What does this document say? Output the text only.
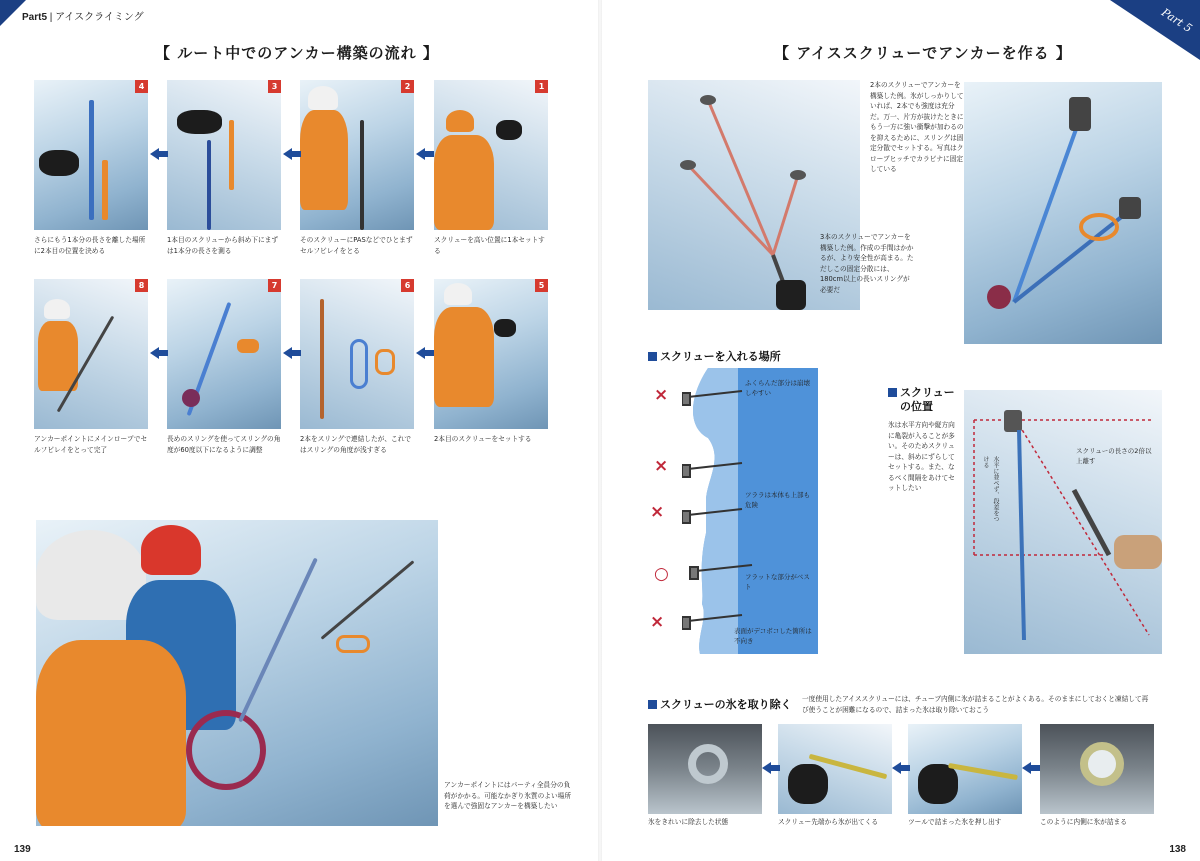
Part5 | アイスクライミング
【 ルート中でのアンカー構築の流れ 】
4	3	2	1
さらにもう1本分の長さを離した場所に2本目の位置を決める
1本目のスクリューから斜め下にまずは1本分の長さを測る
そのスクリューにPASなどでひとまずセルフビレイをとる
スクリューを高い位置に1本セットする
8	7	6	5
アンカーポイントにメインロープでセルフビレイをとって完了
長めのスリングを使ってスリングの角度が60度以下になるように調整
2本をスリングで連結したが、これではスリングの角度が浅すぎる
2本目のスクリューをセットする
アンカーポイントにはパーティ全員分の負荷がかかる。可能なかぎり氷質のよい場所を選んで強固なアンカーを構築したい
139
Part 5
【 アイススクリューでアンカーを作る 】
3本のスクリューでアンカーを構築した例。作成の手間はかかるが、より安全性が高まる。ただしこの固定分散には、180cm以上の長いスリングが必要だ
2本のスクリューでアンカーを構築した例。氷がしっかりしていれば、2本でも強度は充分だ。万一、片方が抜けたときにもう一方に強い衝撃が加わるのを抑えるために、スリングは固定分散でセットする。写真はクローブヒッチでカラビナに固定している
スクリューを入れる場所
×
×
×
○
×
ふくらんだ部分は崩壊しやすい
ツララは本体も上部も危険
フラットな部分がベスト
表面がデコボコした箇所は不向き
スクリュー
の位置
氷は水平方向や縦方向に亀裂が入ることが多い。そのためスクリューは、斜めにずらしてセットする。また、なるべく間隔をあけてセットしたい	水平に並べず、段差をつける
スクリューの長さの2倍以上離す
スクリューの氷を取り除く 一度使用したアイススクリューには、チューブ内側に氷が詰まることがよくある。そのままにしておくと凍結して再び使うことが困難になるので、詰まった氷は取り除いておこう
氷をきれいに除去した状態	スクリュー先端から氷が出てくる	ツールで詰まった氷を押し出す	このように内側に氷が詰まる
138
